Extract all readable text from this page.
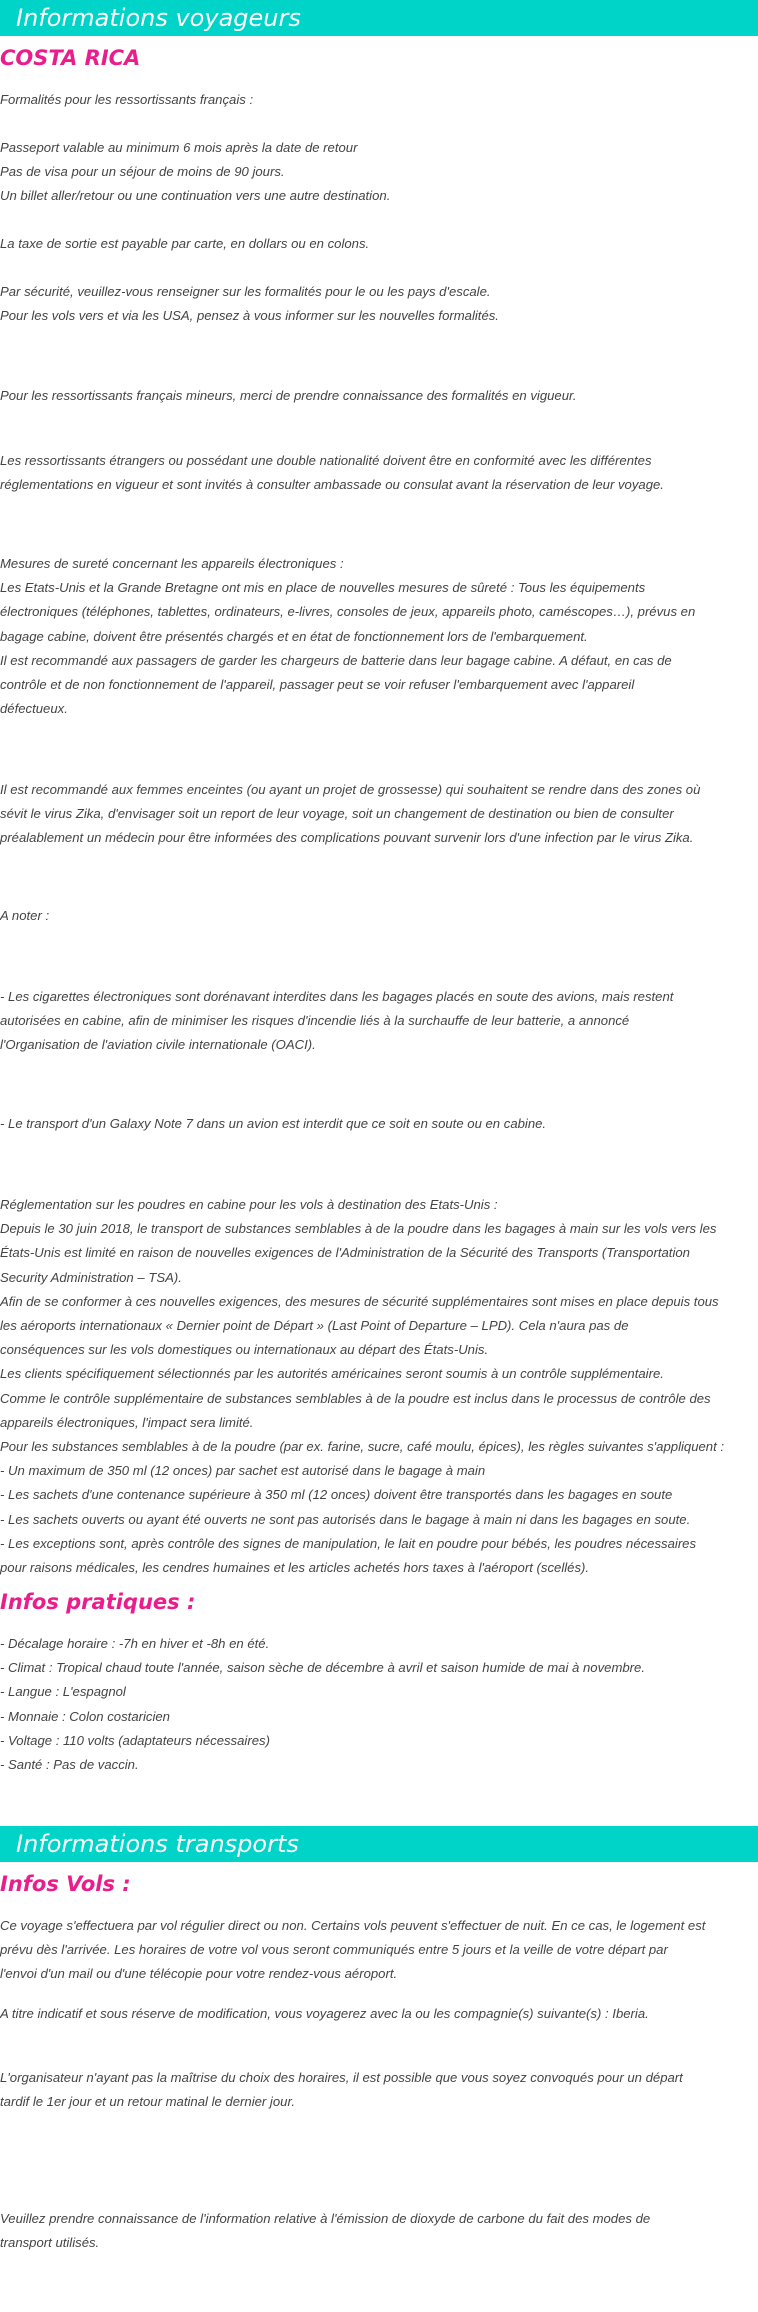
Informations voyageurs
COSTA RICA
Formalités pour les ressortissants français :
Passeport valable au minimum 6 mois après la date de retour
Pas de visa pour un séjour de moins de 90 jours.
Un billet aller/retour ou une continuation vers une autre destination.
La taxe de sortie est payable par carte, en dollars ou en colons.
Par sécurité, veuillez-vous renseigner sur les formalités pour le ou les pays d'escale.
Pour les vols vers et via les USA, pensez à vous informer sur les nouvelles formalités.
Pour les ressortissants français mineurs, merci de prendre connaissance des formalités en vigueur.
Les ressortissants étrangers ou possédant une double nationalité doivent être en conformité avec les différentes
réglementations en vigueur et sont invités à consulter ambassade ou consulat avant la réservation de leur voyage.
Mesures de sureté concernant les appareils électroniques :
Les Etats-Unis et la Grande Bretagne ont mis en place de nouvelles mesures de sûreté : Tous les équipements
électroniques (téléphones, tablettes, ordinateurs, e-livres, consoles de jeux, appareils photo, caméscopes…), prévus en
bagage cabine, doivent être présentés chargés et en état de fonctionnement lors de l'embarquement.
Il est recommandé aux passagers de garder les chargeurs de batterie dans leur bagage cabine. A défaut, en cas de
contrôle et de non fonctionnement de l'appareil, passager peut se voir refuser l'embarquement avec l'appareil
défectueux.
Il est recommandé aux femmes enceintes (ou ayant un projet de grossesse) qui souhaitent se rendre dans des zones où
sévit le virus Zika, d'envisager soit un report de leur voyage, soit un changement de destination ou bien de consulter
préalablement un médecin pour être informées des complications pouvant survenir lors d'une infection par le virus Zika.
A noter :
- Les cigarettes électroniques sont dorénavant interdites dans les bagages placés en soute des avions, mais restent
autorisées en cabine, afin de minimiser les risques d'incendie liés à la surchauffe de leur batterie, a annoncé
l'Organisation de l'aviation civile internationale (OACI).
- Le transport d'un Galaxy Note 7 dans un avion est interdit que ce soit en soute ou en cabine.
Réglementation sur les poudres en cabine pour les vols à destination des Etats-Unis :
Depuis le 30 juin 2018, le transport de substances semblables à de la poudre dans les bagages à main sur les vols vers les
États-Unis est limité en raison de nouvelles exigences de l'Administration de la Sécurité des Transports (Transportation
Security Administration – TSA).
Afin de se conformer à ces nouvelles exigences, des mesures de sécurité supplémentaires sont mises en place depuis tous
les aéroports internationaux « Dernier point de Départ » (Last Point of Departure – LPD). Cela n'aura pas de
conséquences sur les vols domestiques ou internationaux au départ des États-Unis.
Les clients spécifiquement sélectionnés par les autorités américaines seront soumis à un contrôle supplémentaire.
Comme le contrôle supplémentaire de substances semblables à de la poudre est inclus dans le processus de contrôle des
appareils électroniques, l'impact sera limité.
Pour les substances semblables à de la poudre (par ex. farine, sucre, café moulu, épices), les règles suivantes s'appliquent :
- Un maximum de 350 ml (12 onces) par sachet est autorisé dans le bagage à main
- Les sachets d'une contenance supérieure à 350 ml (12 onces) doivent être transportés dans les bagages en soute
- Les sachets ouverts ou ayant été ouverts ne sont pas autorisés dans le bagage à main ni dans les bagages en soute.
- Les exceptions sont, après contrôle des signes de manipulation, le lait en poudre pour bébés, les poudres nécessaires
pour raisons médicales, les cendres humaines et les articles achetés hors taxes à l'aéroport (scellés).
Infos pratiques :
- Décalage horaire : -7h en hiver et -8h en été.
- Climat : Tropical chaud toute l'année, saison sèche de décembre à avril et saison humide de mai à novembre.
- Langue : L'espagnol
- Monnaie : Colon costaricien
- Voltage : 110 volts (adaptateurs nécessaires)
- Santé : Pas de vaccin.
Informations transports
Infos Vols :
Ce voyage s'effectuera par vol régulier direct ou non. Certains vols peuvent s'effectuer de nuit. En ce cas, le logement est
prévu dès l'arrivée. Les horaires de votre vol vous seront communiqués entre 5 jours et la veille de votre départ par
l'envoi d'un mail ou d'une télécopie pour votre rendez-vous aéroport.
A titre indicatif et sous réserve de modification, vous voyagerez avec la ou les compagnie(s) suivante(s) : Iberia.
L'organisateur n'ayant pas la maîtrise du choix des horaires, il est possible que vous soyez convoqués pour un départ
tardif le 1er jour et un retour matinal le dernier jour.
Veuillez prendre connaissance de l'information relative à l'émission de dioxyde de carbone du fait des modes de
transport utilisés.
